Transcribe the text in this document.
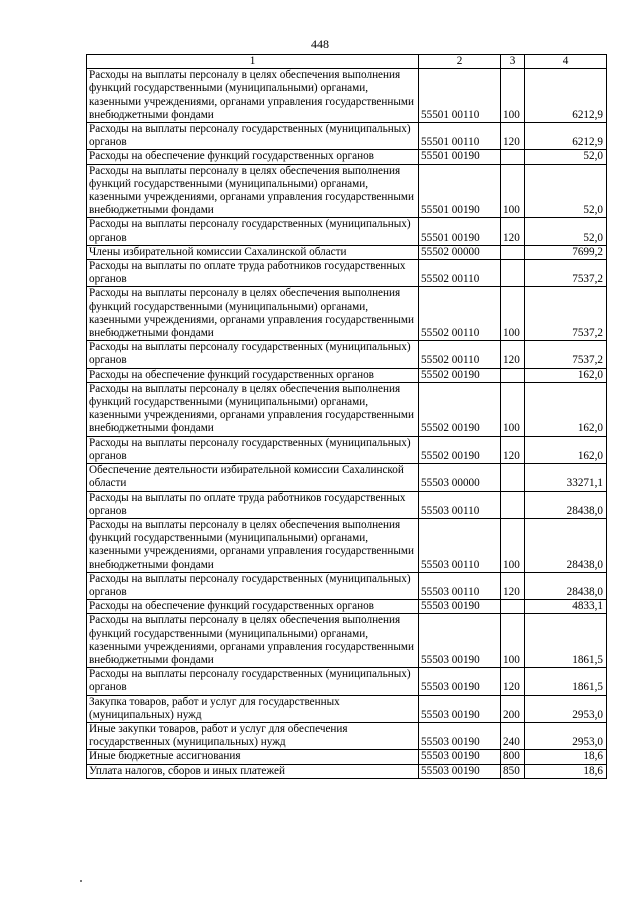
448
1	2	3	4
Расходы на выплаты персоналу в целях обеспечения выполнения функций государственными (муниципальными) органами, казенными учреждениями, органами управления государственными внебюджетными фондами	55501 00110	100	6212,9
Расходы на выплаты персоналу государственных (муниципальных) органов	55501 00110	120	6212,9
Расходы на обеспечение функций государственных органов	55501 00190		52,0
Расходы на выплаты персоналу в целях обеспечения выполнения функций государственными (муниципальными) органами, казенными учреждениями, органами управления государственными внебюджетными фондами	55501 00190	100	52,0
Расходы на выплаты персоналу государственных (муниципальных) органов	55501 00190	120	52,0
Члены избирательной комиссии Сахалинской области	55502 00000		7699,2
Расходы на выплаты по оплате труда работников государственных органов	55502 00110		7537,2
Расходы на выплаты персоналу в целях обеспечения выполнения функций государственными (муниципальными) органами, казенными учреждениями, органами управления государственными внебюджетными фондами	55502 00110	100	7537,2
Расходы на выплаты персоналу государственных (муниципальных) органов	55502 00110	120	7537,2
Расходы на обеспечение функций государственных органов	55502 00190		162,0
Расходы на выплаты персоналу в целях обеспечения выполнения функций государственными (муниципальными) органами, казенными учреждениями, органами управления государственными внебюджетными фондами	55502 00190	100	162,0
Расходы на выплаты персоналу государственных (муниципальных) органов	55502 00190	120	162,0
Обеспечение деятельности избирательной комиссии Сахалинской области	55503 00000		33271,1
Расходы на выплаты по оплате труда работников государственных органов	55503 00110		28438,0
Расходы на выплаты персоналу в целях обеспечения выполнения функций государственными (муниципальными) органами, казенными учреждениями, органами управления государственными внебюджетными фондами	55503 00110	100	28438,0
Расходы на выплаты персоналу государственных (муниципальных) органов	55503 00110	120	28438,0
Расходы на обеспечение функций государственных органов	55503 00190		4833,1
Расходы на выплаты персоналу в целях обеспечения выполнения функций государственными (муниципальными) органами, казенными учреждениями, органами управления государственными внебюджетными фондами	55503 00190	100	1861,5
Расходы на выплаты персоналу государственных (муниципальных) органов	55503 00190	120	1861,5
Закупка товаров, работ и услуг для государственных (муниципальных) нужд	55503 00190	200	2953,0
Иные закупки товаров, работ и услуг для обеспечения государственных (муниципальных) нужд	55503 00190	240	2953,0
Иные бюджетные ассигнования	55503 00190	800	18,6
Уплата налогов, сборов и иных платежей	55503 00190	850	18,6
